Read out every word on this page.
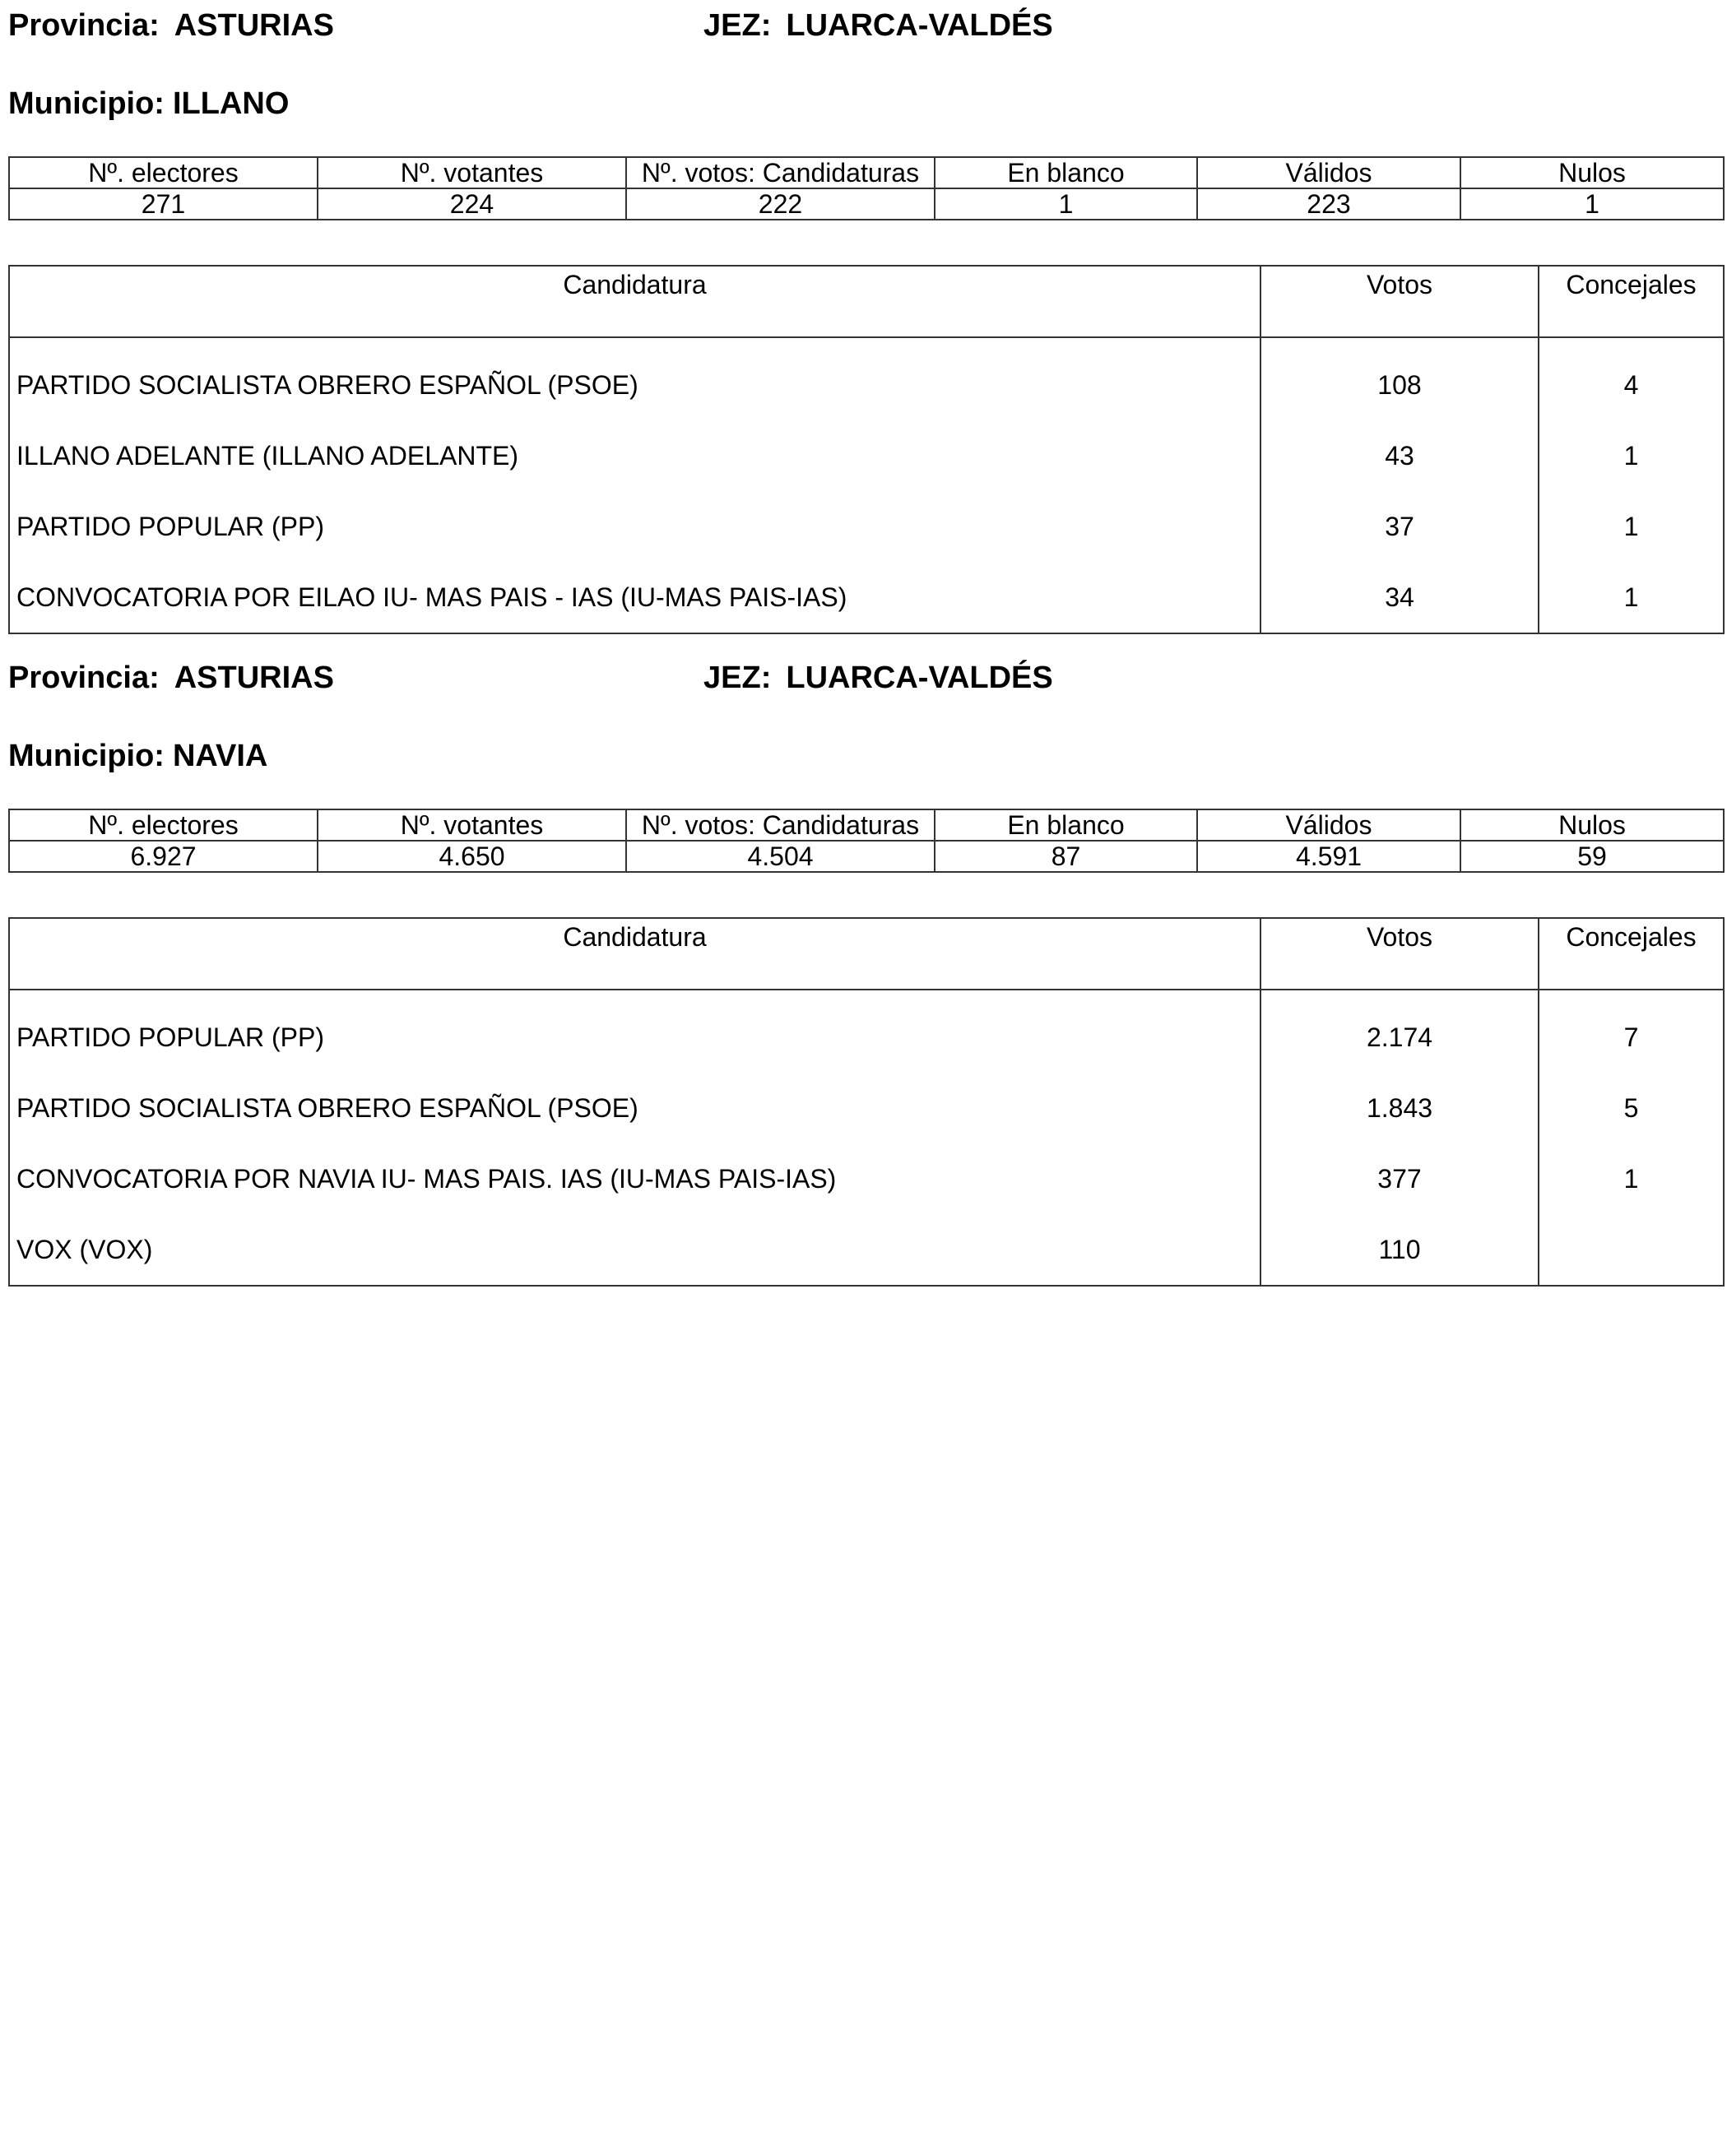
Provincia: ASTURIAS	JEZ: LUARCA-VALDÉS
Municipio: ILLANO
Nº. electores	Nº. votantes	Nº. votos: Candidaturas	En blanco	Válidos	Nulos
271	224	222	1	223	1
Candidatura	Votos	Concejales
PARTIDO SOCIALISTA OBRERO ESPAÑOL (PSOE)	108	4
ILLANO ADELANTE (ILLANO ADELANTE)	43	1
PARTIDO POPULAR (PP)	37	1
CONVOCATORIA POR EILAO IU- MAS PAIS - IAS (IU-MAS PAIS-IAS)	34	1
Provincia: ASTURIAS	JEZ: LUARCA-VALDÉS
Municipio: NAVIA
Nº. electores	Nº. votantes	Nº. votos: Candidaturas	En blanco	Válidos	Nulos
6.927	4.650	4.504	87	4.591	59
Candidatura	Votos	Concejales
PARTIDO POPULAR (PP)	2.174	7
PARTIDO SOCIALISTA OBRERO ESPAÑOL (PSOE)	1.843	5
CONVOCATORIA POR NAVIA IU- MAS PAIS. IAS (IU-MAS PAIS-IAS)	377	1
VOX (VOX)	110	
